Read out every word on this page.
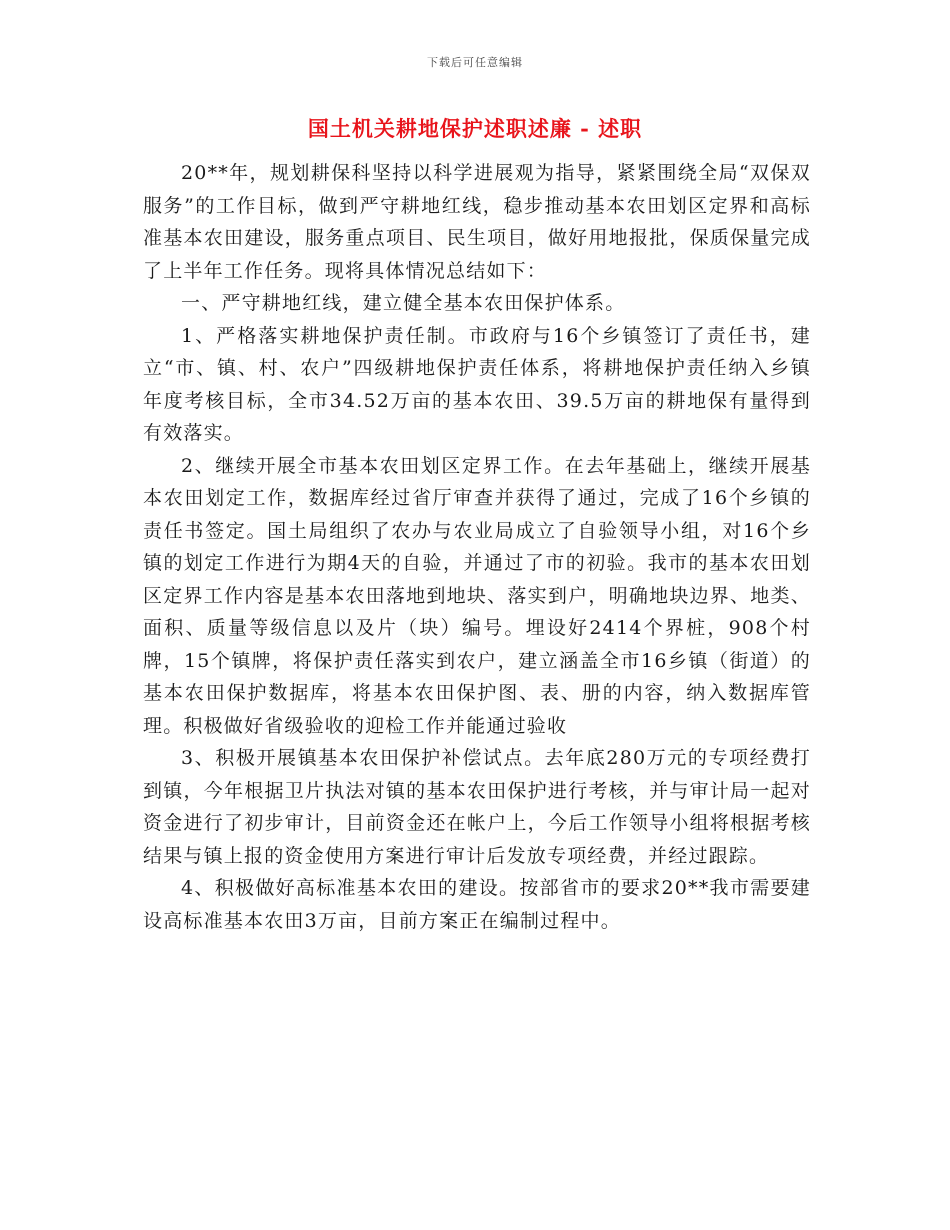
下载后可任意编辑
国土机关耕地保护述职述廉 - 述职

20**年，规划耕保科坚持以科学进展观为指导，紧紧围绕全局“双保双服务”的工作目标，做到严守耕地红线，稳步推动基本农田划区定界和高标准基本农田建设，服务重点项目、民生项目，做好用地报批，保质保量完成了上半年工作任务。现将具体情况总结如下：

一、严守耕地红线，建立健全基本农田保护体系。

1、严格落实耕地保护责任制。市政府与16个乡镇签订了责任书，建立“市、镇、村、农户”四级耕地保护责任体系，将耕地保护责任纳入乡镇年度考核目标，全市34.52万亩的基本农田、39.5万亩的耕地保有量得到有效落实。

2、继续开展全市基本农田划区定界工作。在去年基础上，继续开展基本农田划定工作，数据库经过省厅审查并获得了通过，完成了16个乡镇的责任书签定。国土局组织了农办与农业局成立了自验领导小组，对16个乡镇的划定工作进行为期4天的自验，并通过了市的初验。我市的基本农田划区定界工作内容是基本农田落地到地块、落实到户，明确地块边界、地类、面积、质量等级信息以及片（块）编号。埋设好2414个界桩，908个村牌，15个镇牌，将保护责任落实到农户，建立涵盖全市16乡镇（街道）的基本农田保护数据库，将基本农田保护图、表、册的内容，纳入数据库管理。积极做好省级验收的迎检工作并能通过验收

3、积极开展镇基本农田保护补偿试点。去年底280万元的专项经费打到镇，今年根据卫片执法对镇的基本农田保护进行考核，并与审计局一起对资金进行了初步审计，目前资金还在帐户上，今后工作领导小组将根据考核结果与镇上报的资金使用方案进行审计后发放专项经费，并经过跟踪。

4、积极做好高标准基本农田的建设。按部省市的要求20**我市需要建设高标准基本农田3万亩，目前方案正在编制过程中。
